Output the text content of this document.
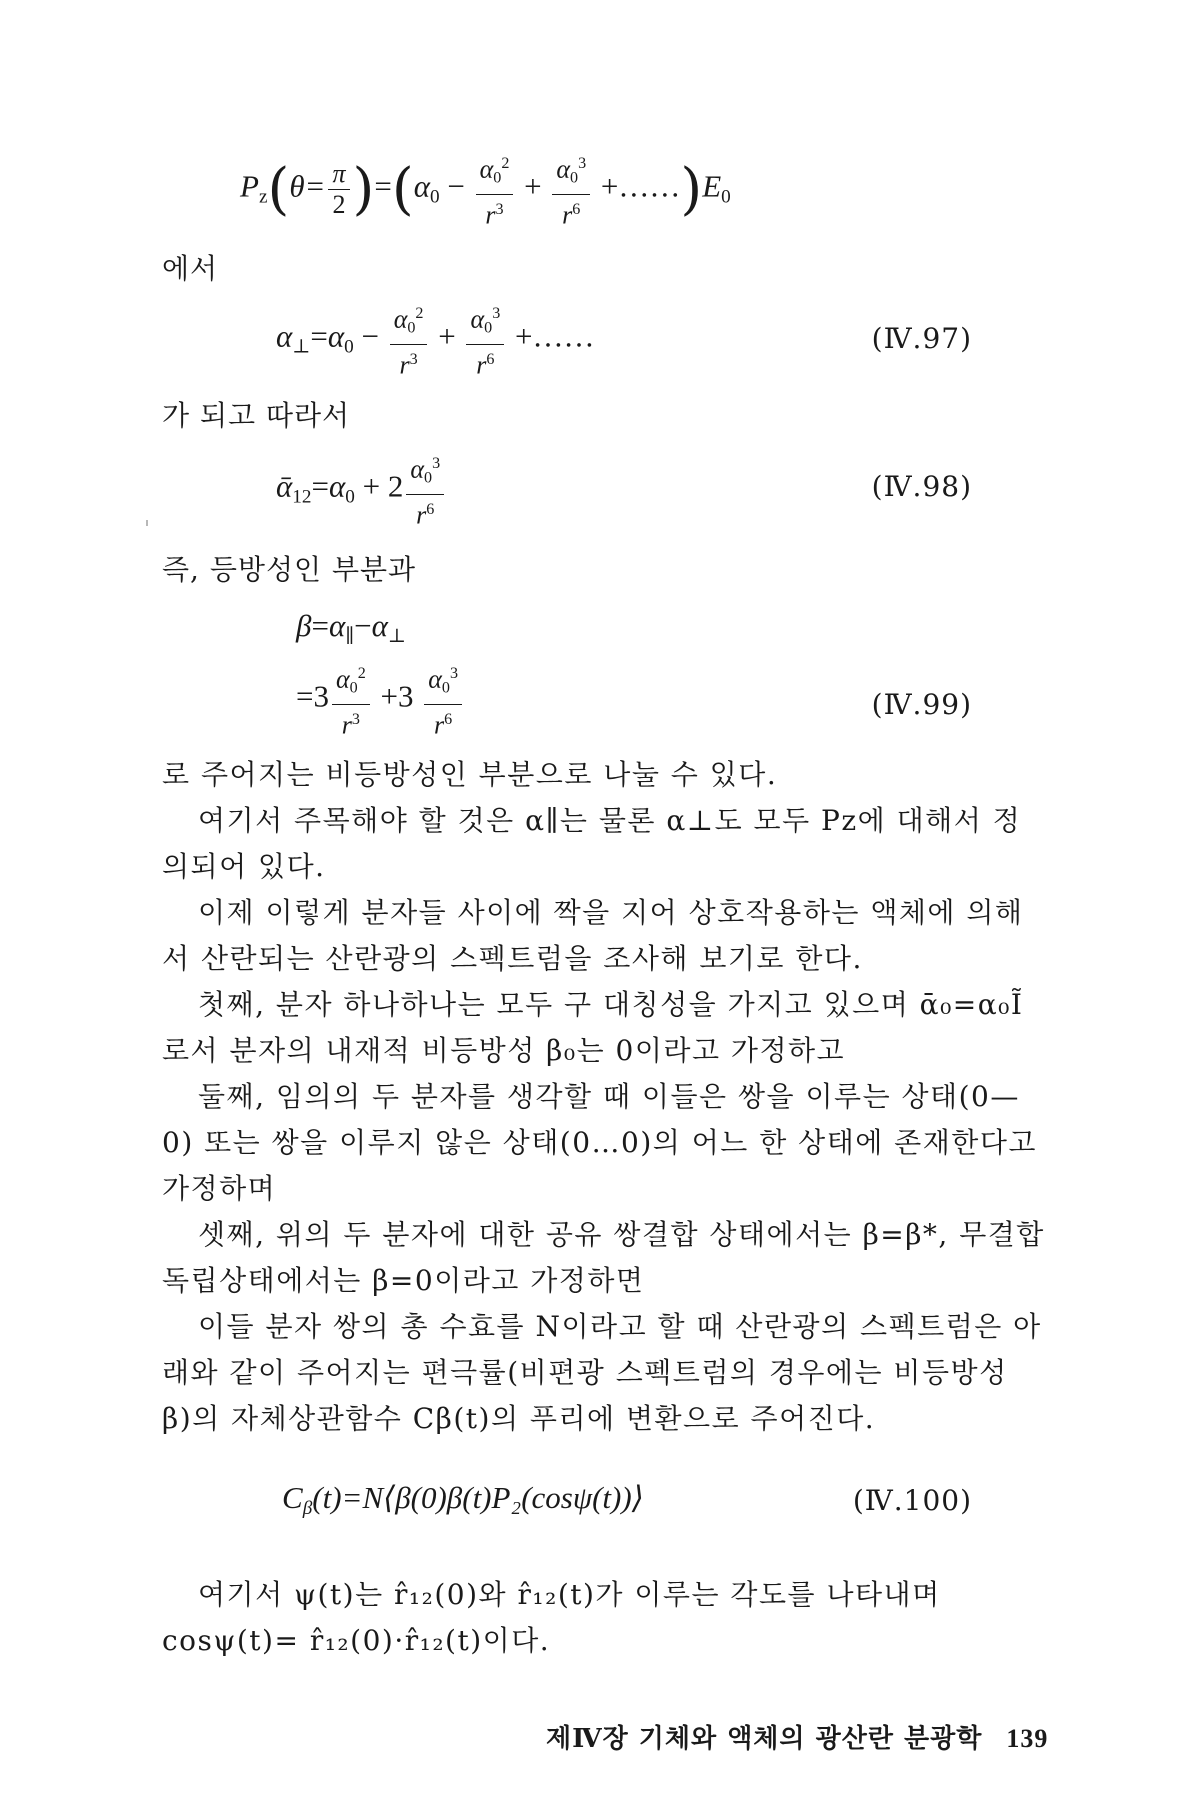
$P_z(\theta= \frac{\pi}{2} )=(\alpha_0 - \frac{\alpha_0^2}{r^3} + \frac{\alpha_0^3}{r^6}$ $+\dots\dots)E_0$
에서
$\alpha_\perp=\alpha_0 - \frac{\alpha_0^2}{r^3} + \frac{\alpha_0^3}{r^6}$ +……	(Ⅳ.97)
가 되고 따라서
$ᾱ_{12}=\alpha_0 + 2 \frac{\alpha_0^3}{r^6}$	(Ⅳ.98)
즉, 등방성인 부분과
$\beta=\alpha_\parallel-\alpha_\perp$
$=3 \frac{\alpha_0^2}{r^3} +3 \frac{\alpha_0^3}{r^6}$	(Ⅳ.99)
로 주어지는 비등방성인 부분으로 나눌 수 있다.
여기서 주목해야 할 것은 α∥는 물론 α⊥도 모두 Pz에 대해서 정의되어 있다.
이제 이렇게 분자들 사이에 짝을 지어 상호작용하는 액체에 의해서 산란되는 산란광의 스펙트럼을 조사해 보기로 한다.
첫째, 분자 하나하나는 모두 구 대칭성을 가지고 있으며 ᾱ₀=α₀Ĩ 로서 분자의 내재적 비등방성 β₀는 0이라고 가정하고
둘째, 임의의 두 분자를 생각할 때 이들은 쌍을 이루는 상태(0—0) 또는 쌍을 이루지 않은 상태(0…0)의 어느 한 상태에 존재한다고 가정하며
셋째, 위의 두 분자에 대한 공유 쌍결합 상태에서는 β=β*, 무결합 독립상태에서는 β=0이라고 가정하면
이들 분자 쌍의 총 수효를 N이라고 할 때 산란광의 스펙트럼은 아래와 같이 주어지는 편극률(비편광 스펙트럼의 경우에는 비등방성 β)의 자체상관함수 Cβ(t)의 푸리에 변환으로 주어진다.
$C_\beta(t)=N⟨\beta(0)\beta(t)P_2(\cos\psi(t))⟩$	(Ⅳ.100)
여기서 ψ(t)는 r̂₁₂(0)와 r̂₁₂(t)가 이루는 각도를 나타내며 cosψ(t)= r̂₁₂(0)·r̂₁₂(t)이다.
제Ⅳ장 기체와 액체의 광산란 분광학 139
